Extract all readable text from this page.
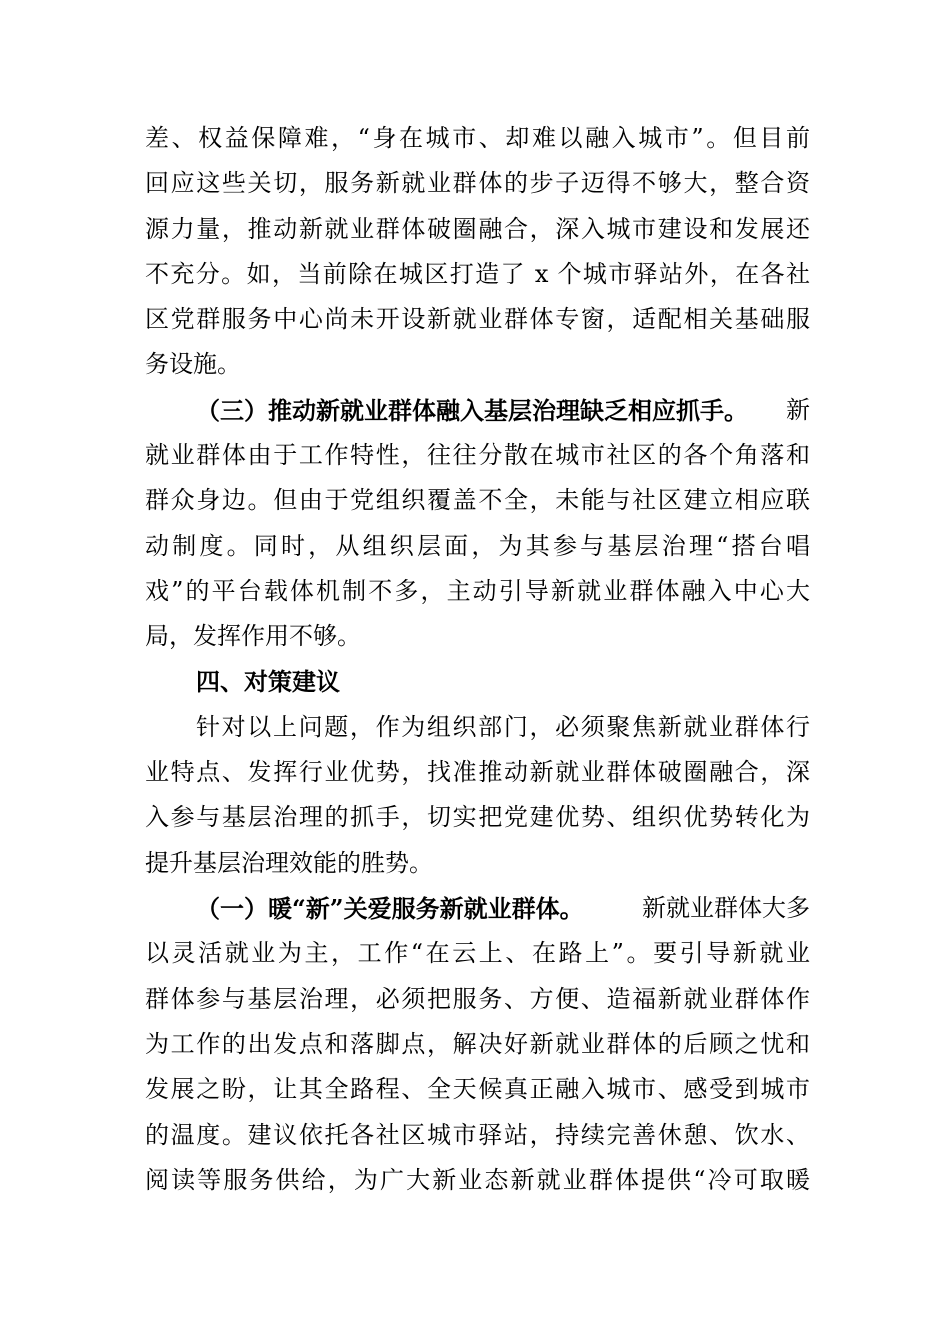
差、权益保障难，“身在城市、却难以融入城市”。但目前
回应这些关切，服务新就业群体的步子迈得不够大，整合资
源力量，推动新就业群体破圈融合，深入城市建设和发展还
不充分。如，当前除在城区打造了 x 个城市驿站外，在各社
区党群服务中心尚未开设新就业群体专窗，适配相关基础服
务设施。
（三）推动新就业群体融入基层治理缺乏相应抓手。 新
就业群体由于工作特性，往往分散在城市社区的各个角落和
群众身边。但由于党组织覆盖不全，未能与社区建立相应联
动制度。同时，从组织层面，为其参与基层治理“搭台唱
戏”的平台载体机制不多，主动引导新就业群体融入中心大
局，发挥作用不够。
四、对策建议
针对以上问题，作为组织部门，必须聚焦新就业群体行
业特点、发挥行业优势，找准推动新就业群体破圈融合，深
入参与基层治理的抓手，切实把党建优势、组织优势转化为
提升基层治理效能的胜势。
（一）暖“新”关爱服务新就业群体。 新就业群体大多
以灵活就业为主，工作“在云上、在路上”。要引导新就业
群体参与基层治理，必须把服务、方便、造福新就业群体作
为工作的出发点和落脚点，解决好新就业群体的后顾之忧和
发展之盼，让其全路程、全天候真正融入城市、感受到城市
的温度。建议依托各社区城市驿站，持续完善休憩、饮水、
阅读等服务供给，为广大新业态新就业群体提供“冷可取暖
